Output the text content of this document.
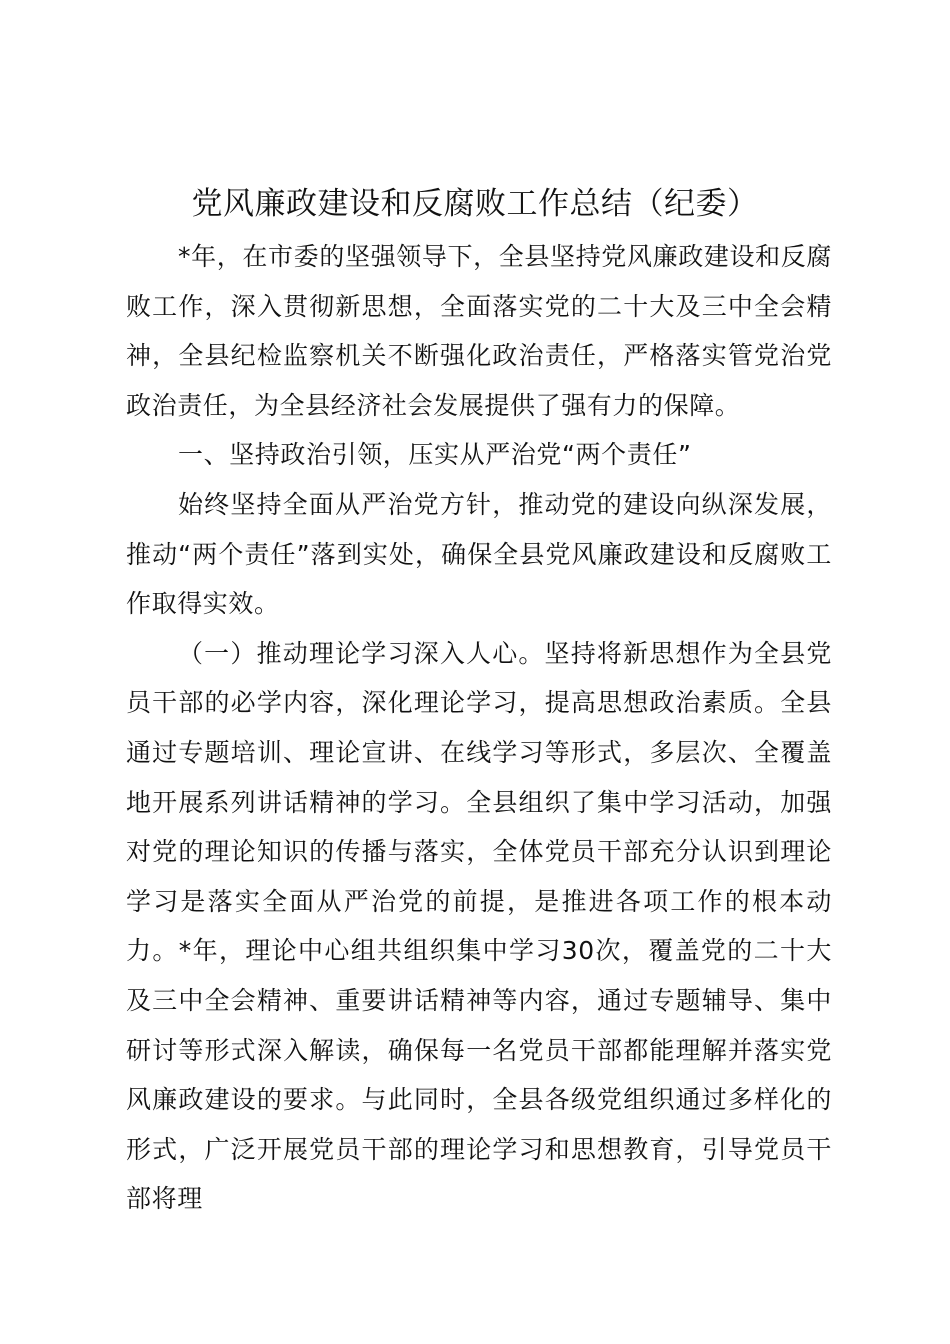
党风廉政建设和反腐败工作总结（纪委）

*年，在市委的坚强领导下，全县坚持党风廉政建设和反腐败工作，深入贯彻新思想，全面落实党的二十大及三中全会精神，全县纪检监察机关不断强化政治责任，严格落实管党治党政治责任，为全县经济社会发展提供了强有力的保障。

一、坚持政治引领，压实从严治党“两个责任”

始终坚持全面从严治党方针，推动党的建设向纵深发展，推动“两个责任”落到实处，确保全县党风廉政建设和反腐败工作取得实效。

（一）推动理论学习深入人心。坚持将新思想作为全县党员干部的必学内容，深化理论学习，提高思想政治素质。全县通过专题培训、理论宣讲、在线学习等形式，多层次、全覆盖地开展系列讲话精神的学习。全县组织了集中学习活动，加强对党的理论知识的传播与落实，全体党员干部充分认识到理论学习是落实全面从严治党的前提，是推进各项工作的根本动力。*年，理论中心组共组织集中学习30次，覆盖党的二十大及三中全会精神、重要讲话精神等内容，通过专题辅导、集中研讨等形式深入解读，确保每一名党员干部都能理解并落实党风廉政建设的要求。与此同时，全县各级党组织通过多样化的形式，广泛开展党员干部的理论学习和思想教育，引导党员干部将理
